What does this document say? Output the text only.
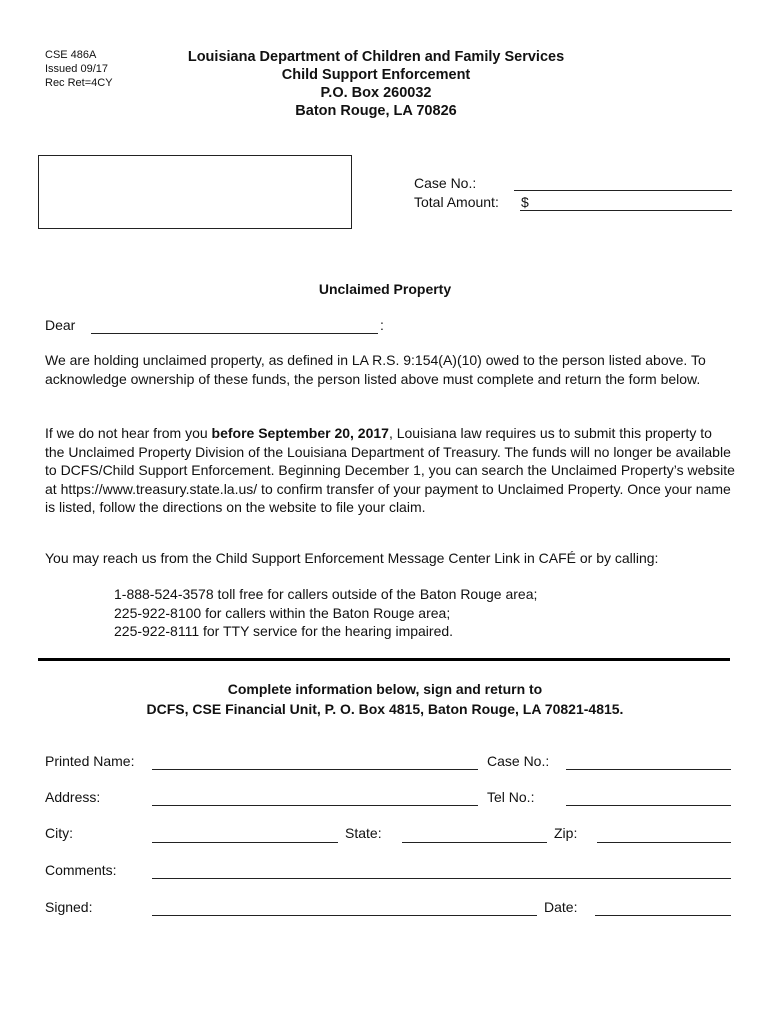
CSE 486A
Issued 09/17
Rec Ret=4CY
Louisiana Department of Children and Family Services
Child Support Enforcement
P.O. Box 260032
Baton Rouge, LA 70826
Case No.:
Total Amount: $
Unclaimed Property
Dear	:
We are holding unclaimed property, as defined in LA R.S. 9:154(A)(10) owed to the person listed above. To acknowledge ownership of these funds, the person listed above must complete and return the form below.
If we do not hear from you before September 20, 2017, Louisiana law requires us to submit this property to the Unclaimed Property Division of the Louisiana Department of Treasury. The funds will no longer be available to DCFS/Child Support Enforcement. Beginning December 1, you can search the Unclaimed Property’s website at https://www.treasury.state.la.us/ to confirm transfer of your payment to Unclaimed Property. Once your name is listed, follow the directions on the website to file your claim.
You may reach us from the Child Support Enforcement Message Center Link in CAFÉ or by calling:
1-888-524-3578 toll free for callers outside of the Baton Rouge area;
225-922-8100 for callers within the Baton Rouge area;
225-922-8111 for TTY service for the hearing impaired.
Complete information below, sign and return to
DCFS, CSE Financial Unit, P. O. Box 4815, Baton Rouge, LA 70821-4815.
Printed Name:	Case No.:
Address:	Tel No.:
City:	State:	Zip:
Comments:
Signed:	Date:
